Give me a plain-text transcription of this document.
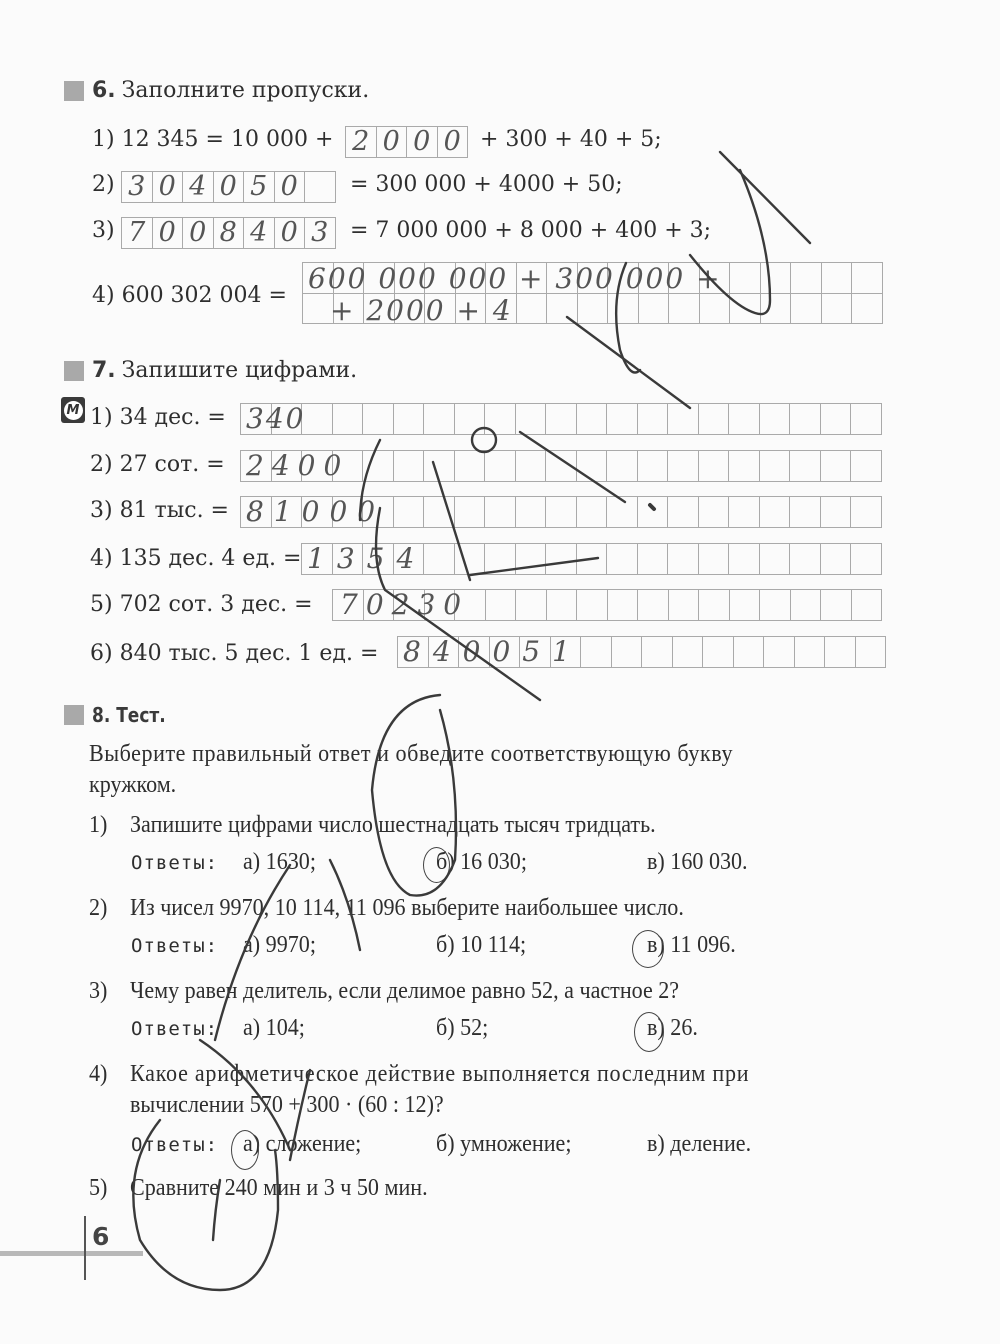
6. Заполните пропуски.
1) 12 345 = 10 000 + 2 0 0 0 + 300 + 40 + 5;
2) 3 0 4 0 5 0	= 300 000 + 4000 + 50;
3) 7 0 0 8 4 0 3 = 7 000 000 + 8 000 + 400 + 3;
4) 600 302 004 =
600 000 000 + 300 000 +
+ 2000 + 4
7. Запишите цифрами.
M 1) 34 дес. = 340
2) 27 сот. = 2400
3) 81 тыс. = 81000
4) 135 дес. 4 ед. = 1354
5) 702 сот. 3 дес. = 70230
6) 840 тыс. 5 дес. 1 ед. = 840051
8. Тест.
Выберите правильный ответ и обведите соответствующую букву
кружком.
1) Запишите цифрами число шестнадцать тысяч тридцать.
Ответы: а) 1630;	б) 16 030;	в) 160 030.
2) Из чисел 9970, 10 114, 11 096 выберите наибольшее число.
Ответы: а) 9970;	б) 10 114;	в) 11 096.
3) Чему равен делитель, если делимое равно 52, а частное 2?
Ответы: а) 104;	б) 52;	в) 26.
4) Какое арифметическое действие выполняется последним при
вычислении 570 + 300 · (60 : 12)?
Ответы: а) сложение;	б) умножение;	в) деление.
5) Сравните 240 мин и 3 ч 50 мин.
6
